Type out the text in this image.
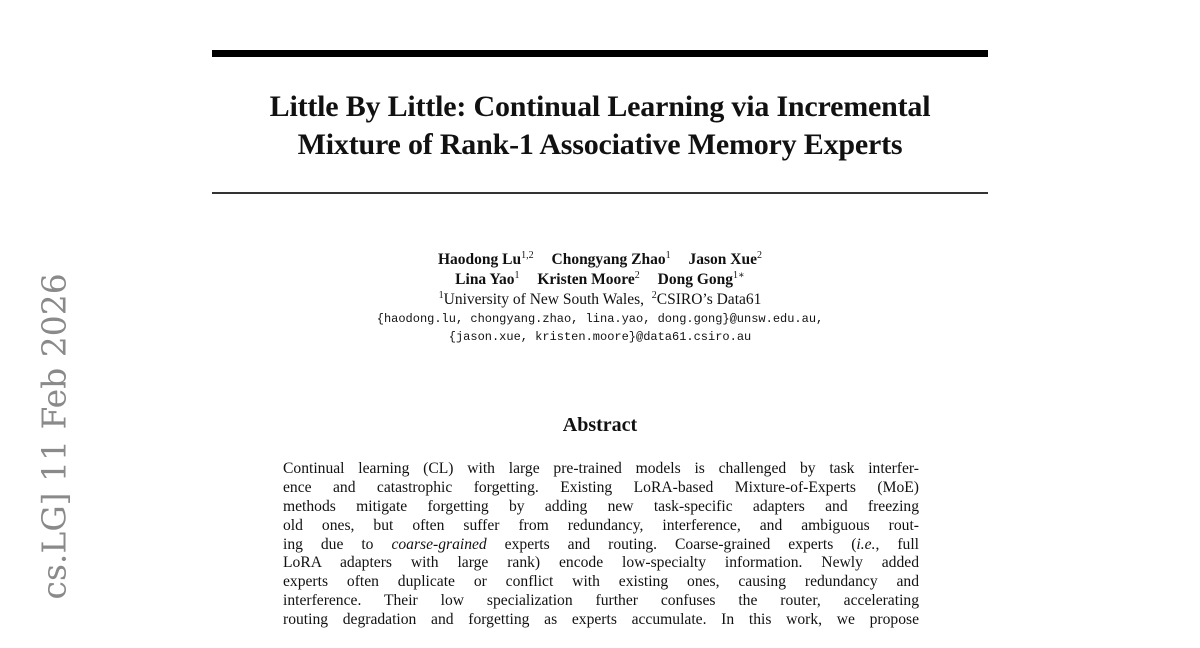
cs.LG] 11 Feb 2026
Little By Little: Continual Learning via Incremental
Mixture of Rank-1 Associative Memory Experts
Haodong Lu$^{1,2}$ Chongyang Zhao$^1$ Jason Xue$^2$
Lina Yao$^1$ Kristen Moore$^2$ Dong Gong$^{1∗}$
$^1$University of New South Wales, $^2$CSIRO’s Data61
{haodong.lu, chongyang.zhao, lina.yao, dong.gong}@unsw.edu.au,
{jason.xue, kristen.moore}@data61.csiro.au
Abstract
Continual learning (CL) with large pre-trained models is challenged by task interfer-
ence and catastrophic forgetting. Existing LoRA-based Mixture-of-Experts (MoE)
methods mitigate forgetting by adding new task-specific adapters and freezing
old ones, but often suffer from redundancy, interference, and ambiguous rout-
ing due to coarse-grained experts and routing. Coarse-grained experts (i.e., full
LoRA adapters with large rank) encode low-specialty information. Newly added
experts often duplicate or conflict with existing ones, causing redundancy and
interference. Their low specialization further confuses the router, accelerating
routing degradation and forgetting as experts accumulate. In this work, we propose
